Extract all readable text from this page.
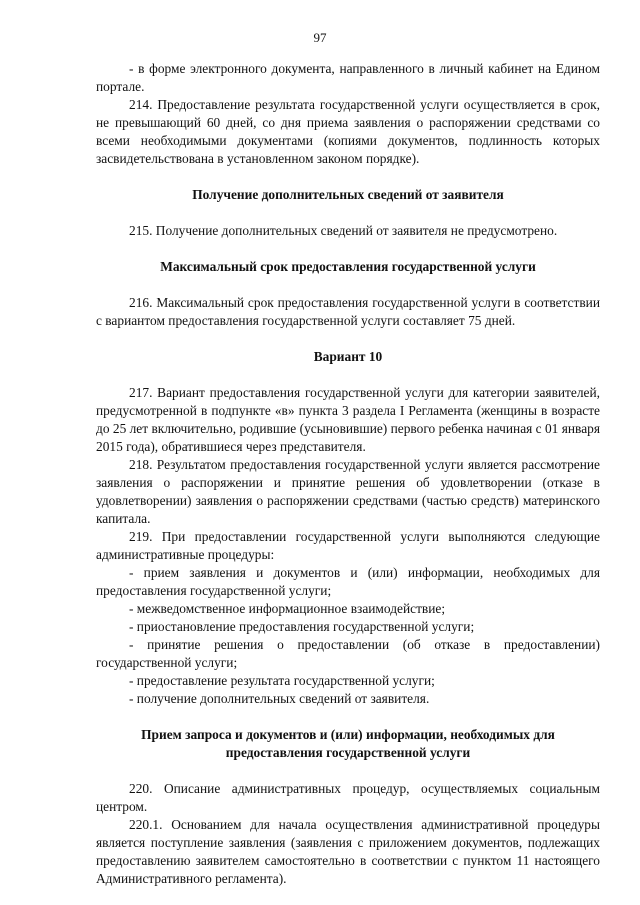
97

- в форме электронного документа, направленного в личный кабинет на Едином портале.

214. Предоставление результата государственной услуги осуществляется в срок, не превышающий 60 дней, со дня приема заявления о распоряжении средствами со всеми необходимыми документами (копиями документов, подлинность которых засвидетельствована в установленном законом порядке).

Получение дополнительных сведений от заявителя

215. Получение дополнительных сведений от заявителя не предусмотрено.

Максимальный срок предоставления государственной услуги

216. Максимальный срок предоставления государственной услуги в соответствии с вариантом предоставления государственной услуги составляет 75 дней.

Вариант 10

217. Вариант предоставления государственной услуги для категории заявителей, предусмотренной в подпункте «в» пункта 3 раздела I Регламента (женщины в возрасте до 25 лет включительно, родившие (усыновившие) первого ребенка начиная с 01 января 2015 года), обратившиеся через представителя.

218. Результатом предоставления государственной услуги является рассмотрение заявления о распоряжении и принятие решения об удовлетворении (отказе в удовлетворении) заявления о распоряжении средствами (частью средств) материнского капитала.

219. При предоставлении государственной услуги выполняются следующие административные процедуры:

- прием заявления и документов и (или) информации, необходимых для предоставления государственной услуги;

- межведомственное информационное взаимодействие;

- приостановление предоставления государственной услуги;

- принятие решения о предоставлении (об отказе в предоставлении) государственной услуги;

- предоставление результата государственной услуги;

- получение дополнительных сведений от заявителя.

Прием запроса и документов и (или) информации, необходимых для предоставления государственной услуги

220. Описание административных процедур, осуществляемых социальным центром.

220.1. Основанием для начала осуществления административной процедуры является поступление заявления (заявления с приложением документов, подлежащих предоставлению заявителем самостоятельно в соответствии с пунктом 11 настоящего Административного регламента).
